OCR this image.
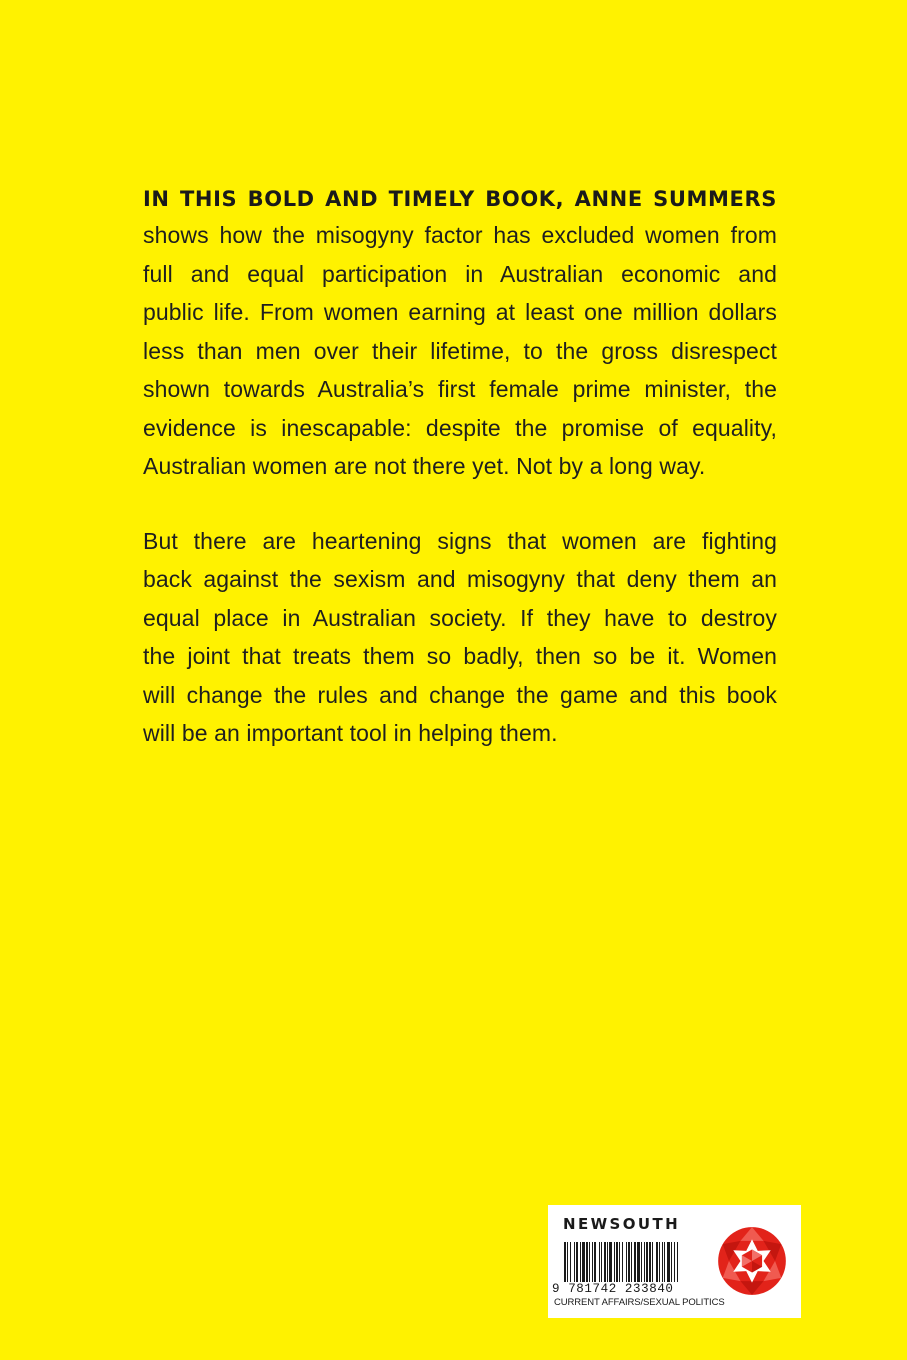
IN THIS BOLD AND TIMELY BOOK, ANNE SUMMERS

shows how the misogyny factor has excluded women from
full and equal participation in Australian economic and
public life. From women earning at least one million dollars
less than men over their lifetime, to the gross disrespect
shown towards Australia’s first female prime minister, the
evidence is inescapable: despite the promise of equality,
Australian women are not there yet. Not by a long way.

But there are heartening signs that women are fighting
back against the sexism and misogyny that deny them an
equal place in Australian society. If they have to destroy
the joint that treats them so badly, then so be it. Women
will change the rules and change the game and this book
will be an important tool in helping them.

NEWSOUTH
9 781742 233840
CURRENT AFFAIRS/SEXUAL POLITICS
